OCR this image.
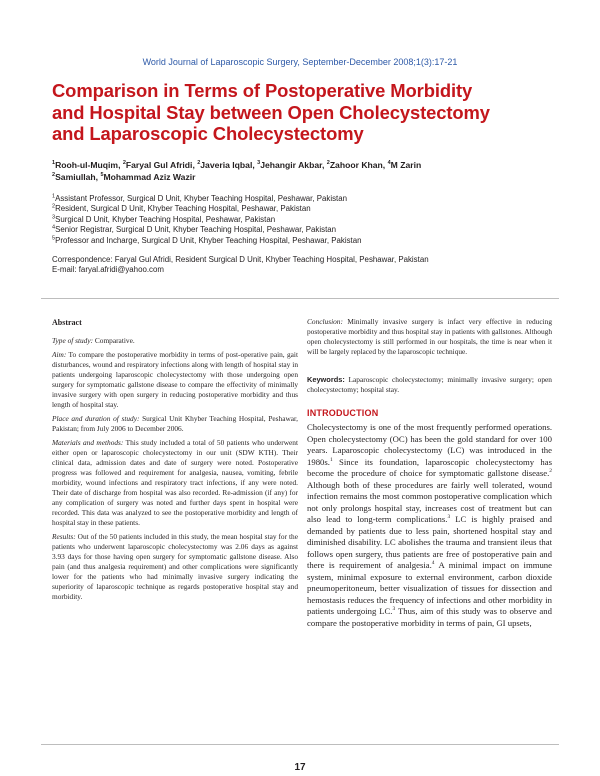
World Journal of Laparoscopic Surgery, September-December 2008;1(3):17-21
Comparison in Terms of Postoperative Morbidity
and Hospital Stay between Open Cholecystectomy
and Laparoscopic Cholecystectomy
$^1$Rooh-ul-Muqim, $^2$Faryal Gul Afridi, $^2$Javeria Iqbal, $^3$Jehangir Akbar, $^2$Zahoor Khan, $^4$M Zarin
$^2$Samiullah, $^5$Mohammad Aziz Wazir
$^1$Assistant Professor, Surgical D Unit, Khyber Teaching Hospital, Peshawar, Pakistan
$^2$Resident, Surgical D Unit, Khyber Teaching Hospital, Peshawar, Pakistan
$^3$Surgical D Unit, Khyber Teaching Hospital, Peshawar, Pakistan
$^4$Senior Registrar, Surgical D Unit, Khyber Teaching Hospital, Peshawar, Pakistan
$^5$Professor and Incharge, Surgical D Unit, Khyber Teaching Hospital, Peshawar, Pakistan
Correspondence: Faryal Gul Afridi, Resident Surgical D Unit, Khyber Teaching Hospital, Peshawar, Pakistan
E-mail: faryal.afridi@yahoo.com

Abstract

Type of study: Comparative.

Aim: To compare the postoperative morbidity in terms of post-operative pain, gait disturbances, wound and respiratory infections along with length of hospital stay in patients undergoing laparoscopic cholecystectomy with those undergoing open surgery for symptomatic gallstone disease to compare the effectivity of minimally invasive surgery with open surgery in reducing postoperative morbidity and thus length of hospital stay.

Place and duration of study: Surgical Unit Khyber Teaching Hospital, Peshawar, Pakistan; from July 2006 to December 2006.

Materials and methods: This study included a total of 50 patients who underwent either open or laparoscopic cholecystectomy in our unit (SDW KTH). Their clinical data, admission dates and date of surgery were noted. Postoperative progress was followed and requirement for analgesia, nausea, vomiting, febrile morbidity, wound infections and respiratory tract infections, if any were noted. Their date of discharge from hospital was also recorded. Re-admission (if any) for any complication of surgery was noted and further days spent in hospital were recorded. This data was analyzed to see the postoperative morbidity and length of hospital stay in these patients.

Results: Out of the 50 patients included in this study, the mean hospital stay for the patients who underwent laparoscopic cholecystectomy was 2.06 days as against 3.93 days for those having open surgery for symptomatic gallstone disease. Also pain (and thus analgesia requirement) and other complications were significantly lower for the patients who had minimally invasive surgery indicating the superiority of laparoscopic technique as regards postoperative hospital stay and morbidity.

Conclusion: Minimally invasive surgery is infact very effective in reducing postoperative morbidity and thus hospital stay in patients with gallstones. Although open cholecystectomy is still performed in our hospitals, the time is near when it will be largely replaced by the laparoscopic technique.

Keywords: Laparoscopic cholecystectomy; minimally invasive surgery; open cholecystectomy; hospital stay.
INTRODUCTION

Cholecystectomy is one of the most frequently performed operations. Open cholecystectomy (OC) has been the gold standard for over 100 years. Laparoscopic cholecystectomy (LC) was introduced in the 1980s.$^1$ Since its foundation, laparoscopic cholecystectomy has become the procedure of choice for symptomatic gallstone disease.$^2$ Although both of these procedures are fairly well tolerated, wound infection remains the most common postoperative complication which not only prolongs hospital stay, increases cost of treatment but can also lead to long-term complications.$^3$ LC is highly praised and demanded by patients due to less pain, shortened hospital stay and diminished disability. LC abolishes the trauma and transient ileus that follows open surgery, thus patients are free of postoperative pain and there is requirement of analgesia.$^4$ A minimal impact on immune system, minimal exposure to external environment, carbon dioxide pneumoperitoneum, better visualization of tissues for dissection and hemostasis reduces the frequency of infections and other morbidity in patients undergoing LC.$^3$ Thus, aim of this study was to observe and compare the postoperative morbidity in terms of pain, GI upsets,

17
